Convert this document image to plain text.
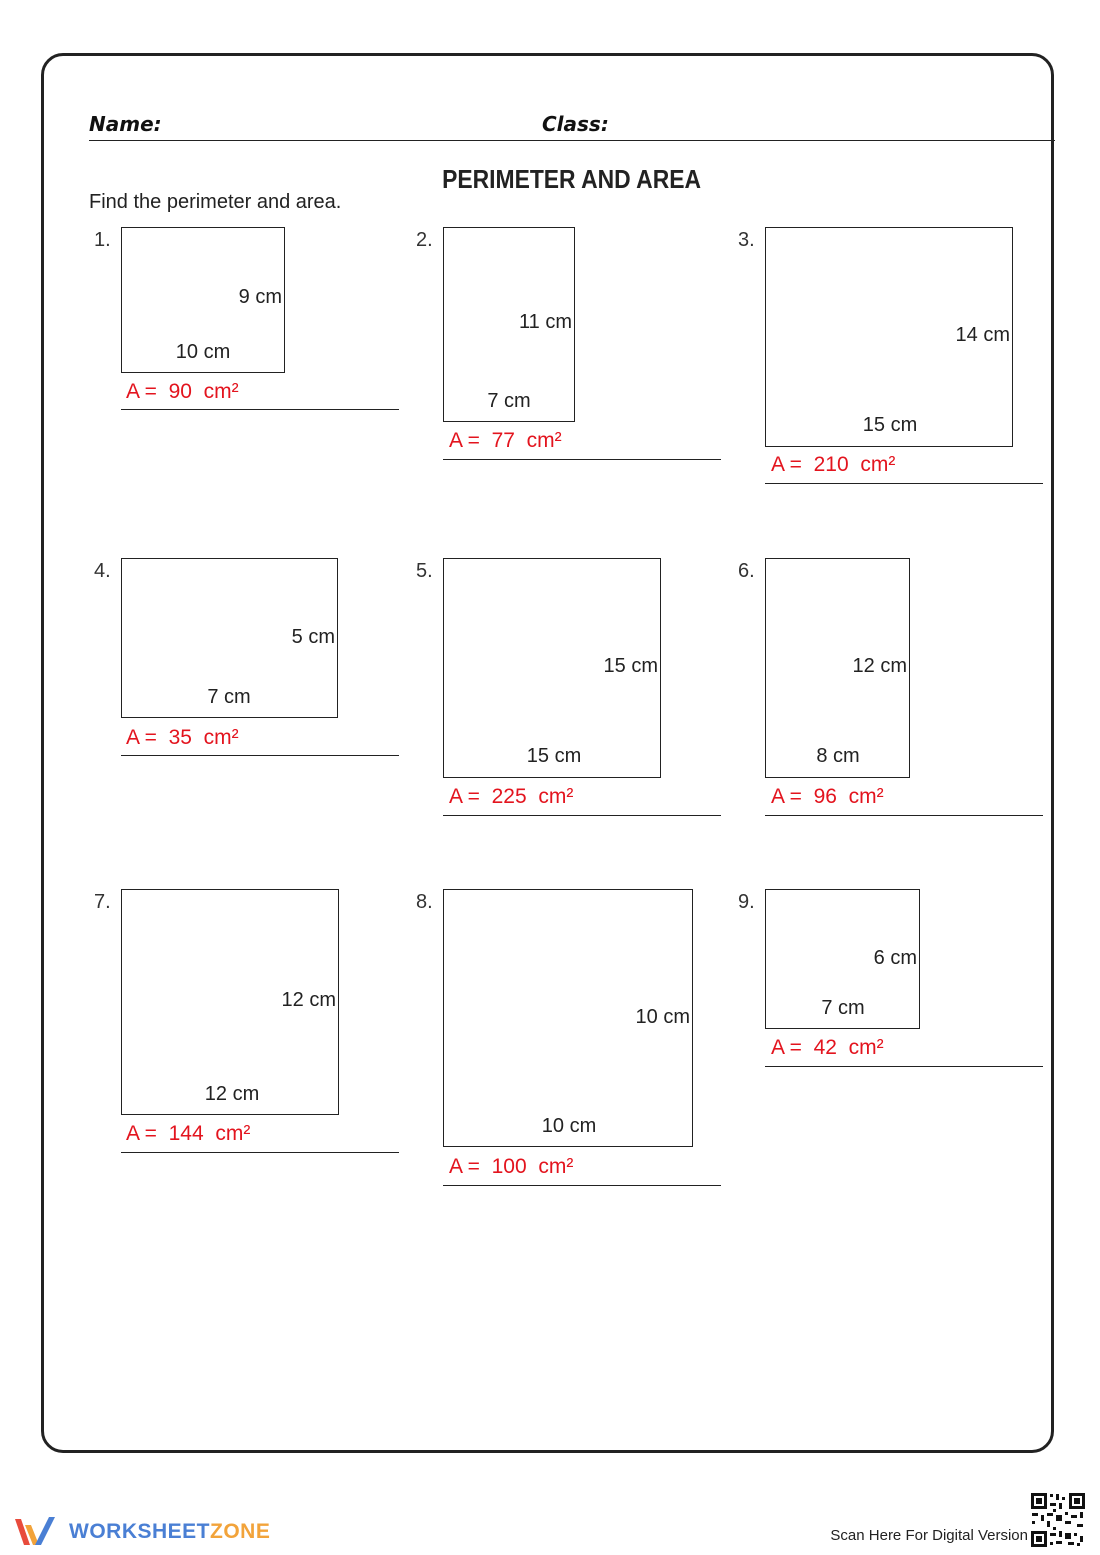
Name:	Class:
PERIMETER AND AREA
Find the perimeter and area.
1.
9 cm
10 cm
A =  90  cm²
2.
11 cm
7 cm
A =  77  cm²
3.
14 cm
15 cm
A =  210  cm²
4.
5 cm
7 cm
A =  35  cm²
5.
15 cm
15 cm
A =  225  cm²
6.
12 cm
8 cm
A =  96  cm²
7.
12 cm
12 cm
A =  144  cm²
8.
10 cm
10 cm
A =  100  cm²
9.
6 cm
7 cm
A =  42  cm²
WORKSHEETZONE	Scan Here For Digital Version
